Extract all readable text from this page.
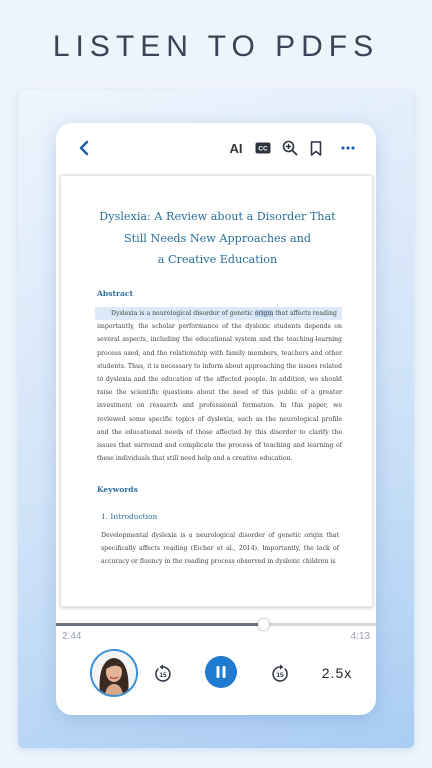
LISTEN TO PDFS
AI	CC
Dyslexia: A Review about a Disorder That
Still Needs New Approaches and
a Creative Education
Abstract
Dyslexia is a neurological disorder of genetic origin that affects reading
importantly, the scholar performance of the dyslexic students depends on several aspects, including the educational system and the teaching-learning process used, and the relationship with family members, teachers and other students. Thus, it is necessary to inform about approaching the issues related to dyslexia and the education of the affected people. In addition, we should raise the scientific questions about the need of this public of a greater investment on research and professional formation. In this paper, we reviewed some specific topics of dyslexia, such as the neurological profile and the educational needs of those affected by this disorder to clarify the issues that surround and complicate the process of teaching and learning of these individuals that still need help and a creative education.
Keywords
1. Introduction
Developmental dyslexia is a neurological disorder of genetic origin that specifically affects reading (Eicher et al., 2014). Importantly, the lack of accuracy or fluency in the reading process observed in dyslexic children is
2:44	4:13
15	15	2.5x
